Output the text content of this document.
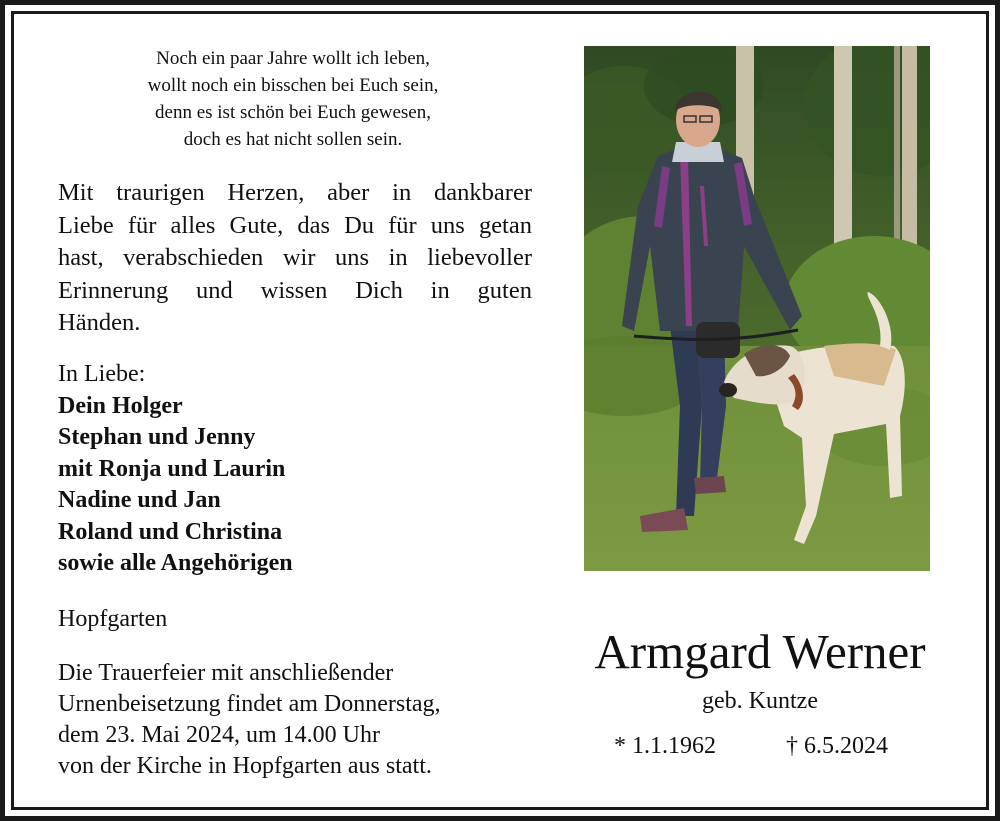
Noch ein paar Jahre wollt ich leben,
wollt noch ein bisschen bei Euch sein,
denn es ist schön bei Euch gewesen,
doch es hat nicht sollen sein.
Mit traurigen Herzen, aber in dankbarer
Liebe für alles Gute, das Du für uns getan
hast, verabschieden wir uns in liebevoller
Erinnerung und wissen Dich in guten
Händen.
In Liebe:
Dein Holger
Stephan und Jenny
mit Ronja und Laurin
Nadine und Jan
Roland und Christina
sowie alle Angehörigen
Hopfgarten
Die Trauerfeier mit anschließender
Urnenbeisetzung findet am Donnerstag,
dem 23. Mai 2024, um 14.00 Uhr
von der Kirche in Hopfgarten aus statt.
Armgard Werner
geb. Kuntze
* 1.1.1962	† 6.5.2024
